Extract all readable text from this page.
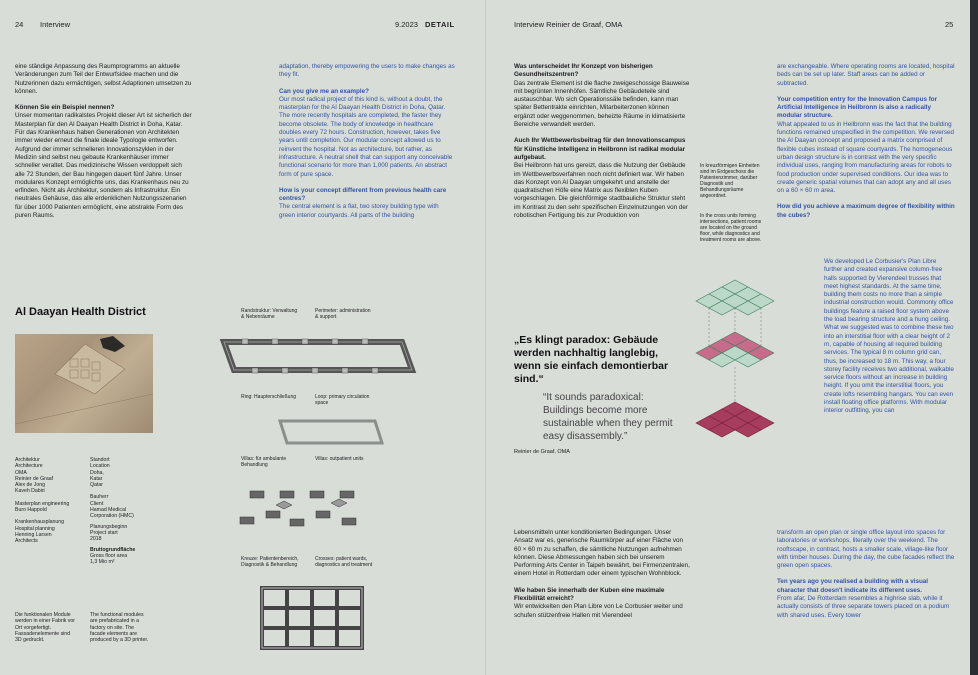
24 Interview	9.2023 DETAIL	Interview Reinier de Graaf, OMA	25

eine ständige Anpassung des Raumprogramms an aktuelle Veränderungen zum Teil der Entwurfsidee machen und die Nutzerinnen dazu ermächtigen, selbst Adaptionen umsetzen zu können.

Können Sie ein Beispiel nennen?
Unser momentan radikalstes Projekt dieser Art ist sicherlich der Masterplan für den Al Daayan Health District in Doha, Katar. Für das Krankenhaus haben Generationen von Architekten immer wieder erneut die finale ideale Typologie entworfen. Aufgrund der immer schnelleren Innovationszyklen in der Medizin sind selbst neu gebaute Krankenhäuser immer schneller veraltet. Das medizinische Wissen verdoppelt sich alle 72 Stunden, der Bau hingegen dauert fünf Jahre. Unser modulares Konzept ermöglichte uns, das Krankenhaus neu zu erfinden. Nicht als Architektur, sondern als Infrastruktur. Ein neutrales Gehäuse, das alle erdenklichen Nutzungsszenarien für über 1000 Patienten ermöglicht, eine abstrakte Form des puren Raums.

adaptation, thereby empowering the users to make changes as they fit.

Can you give me an example?
Our most radical project of this kind is, without a doubt, the masterplan for the Al Daayan Health District in Doha, Qatar. The more recently hospitals are completed, the faster they become obsolete. The body of knowledge in healthcare doubles every 72 hours. Construction, however, takes five years until completion. Our modular concept allowed us to reinvent the hospital. Not as architecture, but rather, as infrastructure. A neutral shell that can support any conceivable functional scenario for more than 1,000 patients. An abstract form of pure space.

How is your concept different from previous health care centres?
The central element is a flat, two storey building type with green interior courtyards. All parts of the building

Was unterscheidet Ihr Konzept von bisherigen Gesundheitszentren?
Das zentrale Element ist die flache zweigeschossige Bauweise mit begrünten Innenhöfen. Sämtliche Gebäudeteile sind austauschbar. Wo sich Operationssäle befinden, kann man später Bettentrakte einrichten, Mitarbeiterzonen können ergänzt oder weggenommen, beheizte Räume in klimatisierte Bereiche verwandelt werden.

Auch Ihr Wettbewerbsbeitrag für den Innovationscampus für Künstliche Intelligenz in Heilbronn ist radikal modular aufgebaut.
Bei Heilbronn hat uns gereizt, dass die Nutzung der Gebäude im Wettbewerbsverfahren noch nicht definiert war. Wir haben das Konzept von Al Daayan umgekehrt und anstelle der quadratischen Höfe eine Matrix aus flexiblen Kuben vorgeschlagen. Die gleichförmige stadtbauliche Struktur steht im Kontrast zu den sehr spezifischen Einzelnutzungen von der robotischen Fertigung bis zur Produktion von

Lebensmitteln unter konditionierten Bedingungen. Unser Ansatz war es, generische Raumkörper auf einer Fläche von 60 × 60 m zu schaffen, die sämtliche Nutzungen aufnehmen können. Diese Abmessungen haben sich bei unserem Performing Arts Center in Taipeh bewährt, bei Firmenzentralen, einem Hotel in Rotterdam oder einem typischen Wohnblock.

Wie haben Sie innerhalb der Kuben eine maximale Flexibilität erreicht?
Wir entwickelten den Plan Libre von Le Corbusier weiter und schufen stützenfreie Hallen mit Vierendeel

In kreuzförmigen Einheiten sind im Erdgeschoss die Patientenzimmer, darüber Diagnostik und Behandlungsräume angeordnet.
In the cross units forming intersections, patient rooms are located on the ground floor, while diagnostics and treatment rooms are above.

are exchangeable. Where operating rooms are located, hospital beds can be set up later. Staff areas can be added or subtracted.

Your competition entry for the Innovation Campus for Artificial Intelligence in Heilbronn is also a radically modular structure.
What appealed to us in Heilbronn was the fact that the building functions remained unspecified in the competition. We reversed the Al Daayan concept and proposed a matrix comprised of flexible cubes instead of square courtyards. The homogeneous urban design structure is in contrast with the very specific individual uses, ranging from manufacturing areas for robots to food production under supervised conditions. Our idea was to create generic spatial volumes that can adopt any and all uses on a 60 × 60 m area.

How did you achieve a maximum degree of flexibility within the cubes?

We developed Le Corbusier's Plan Libre further and created expansive column-free halls supported by Vierendeel trusses that meet highest standards. At the same time, building them costs no more than a simple industrial construction would. Commonly office buildings feature a raised floor system above the load bearing structure and a hung ceiling. What we suggested was to combine these two into an interstitial floor with a clear height of 2 m, capable of housing all required building services. The typical 8 m column grid can, thus, be increased to 18 m. This way, a four storey facility receives two additional, walkable service floors without an increase in building height. If you omit the interstitial floors, you create lofts resembling hangars. You can even install floating office platforms. With modular interior outfitting, you can

transform an open plan or single office layout into spaces for laboratories or workshops, literally over the weekend. The rooftscape, in contrast, hosts a smaller scale, village-like floor with timber houses. During the day, the cube facades reflect the green open spaces.

Ten years ago you realised a building with a visual character that doesn't indicate its different uses.
From afar, De Rotterdam resembles a highrise slab, while it actually consists of three separate towers placed on a podium with shared uses. Every tower

Al Daayan Health District
Architektur
Architecture
OMA
Reinier de Graaf
Alex de Jong
Kaveh Dabiri
Masterplan engineering
Buro Happold
Krankenhausplanung
Hospital planning
Henning Larsen
Architects
Standort
Location
Doha,
Katar
Qatar
Bauherr
Client
Hamad Medical
Corporation (HMC)
Planungsbeginn
Project start
2018
Bruttogrundfläche
Gross floor area
1,3 Mio m²
Die funktionalen Module werden in einer Fabrik vor Ort vorgefertigt. Fassadenelemente sind 3D gedruckt.
The functional modules are prefabricated in a factory on site. The facade elements are produced by a 3D printer.
Randstruktur: Verwaltung & Nebenräume
Perimeter: administration & support
Ring: Haupterschließung	Loop: primary circulation space
Villas: für ambulante Behandlung
Villas: outpatient units
Kreuze: Patientenbereich, Diagnostik & Behandlung
Crosses: patient wards, diagnostics and treatment
„Es klingt paradox: Gebäude werden nachhaltig langlebig, wenn sie einfach demontierbar sind.“
“It sounds paradoxical: Buildings become more sustainable when they permit easy disassembly.”
Reinier de Graaf, OMA
